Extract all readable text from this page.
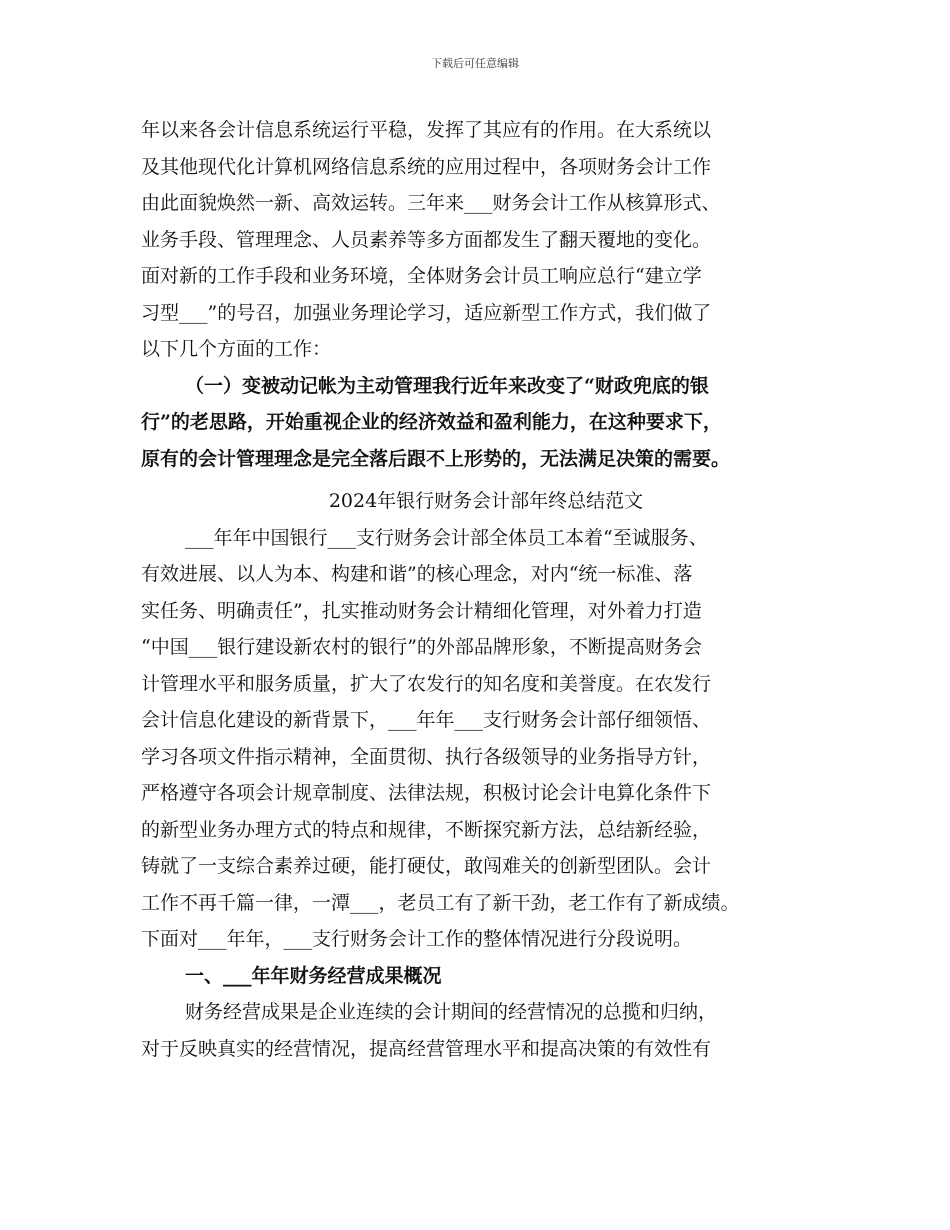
下载后可任意编辑
年以来各会计信息系统运行平稳，发挥了其应有的作用。在大系统以
及其他现代化计算机网络信息系统的应用过程中，各项财务会计工作
由此面貌焕然一新、高效运转。三年来___财务会计工作从核算形式、
业务手段、管理理念、人员素养等多方面都发生了翻天覆地的变化。
面对新的工作手段和业务环境，全体财务会计员工响应总行“建立学
习型___”的号召，加强业务理论学习，适应新型工作方式，我们做了
以下几个方面的工作：
（一）变被动记帐为主动管理我行近年来改变了“财政兜底的银
行”的老思路，开始重视企业的经济效益和盈利能力，在这种要求下，
原有的会计管理理念是完全落后跟不上形势的，无法满足决策的需要。
2024年银行财务会计部年终总结范文
___年年中国银行___支行财务会计部全体员工本着“至诚服务、
有效进展、以人为本、构建和谐”的核心理念，对内“统一标准、落
实任务、明确责任”，扎实推动财务会计精细化管理，对外着力打造
“中国___银行建设新农村的银行”的外部品牌形象，不断提高财务会
计管理水平和服务质量，扩大了农发行的知名度和美誉度。在农发行
会计信息化建设的新背景下，___年年___支行财务会计部仔细领悟、
学习各项文件指示精神，全面贯彻、执行各级领导的业务指导方针，
严格遵守各项会计规章制度、法律法规，积极讨论会计电算化条件下
的新型业务办理方式的特点和规律，不断探究新方法，总结新经验，
铸就了一支综合素养过硬，能打硬仗，敢闯难关的创新型团队。会计
工作不再千篇一律，一潭___，老员工有了新干劲，老工作有了新成绩。
下面对___年年，___支行财务会计工作的整体情况进行分段说明。
一、___年年财务经营成果概况
财务经营成果是企业连续的会计期间的经营情况的总揽和归纳，
对于反映真实的经营情况，提高经营管理水平和提高决策的有效性有
